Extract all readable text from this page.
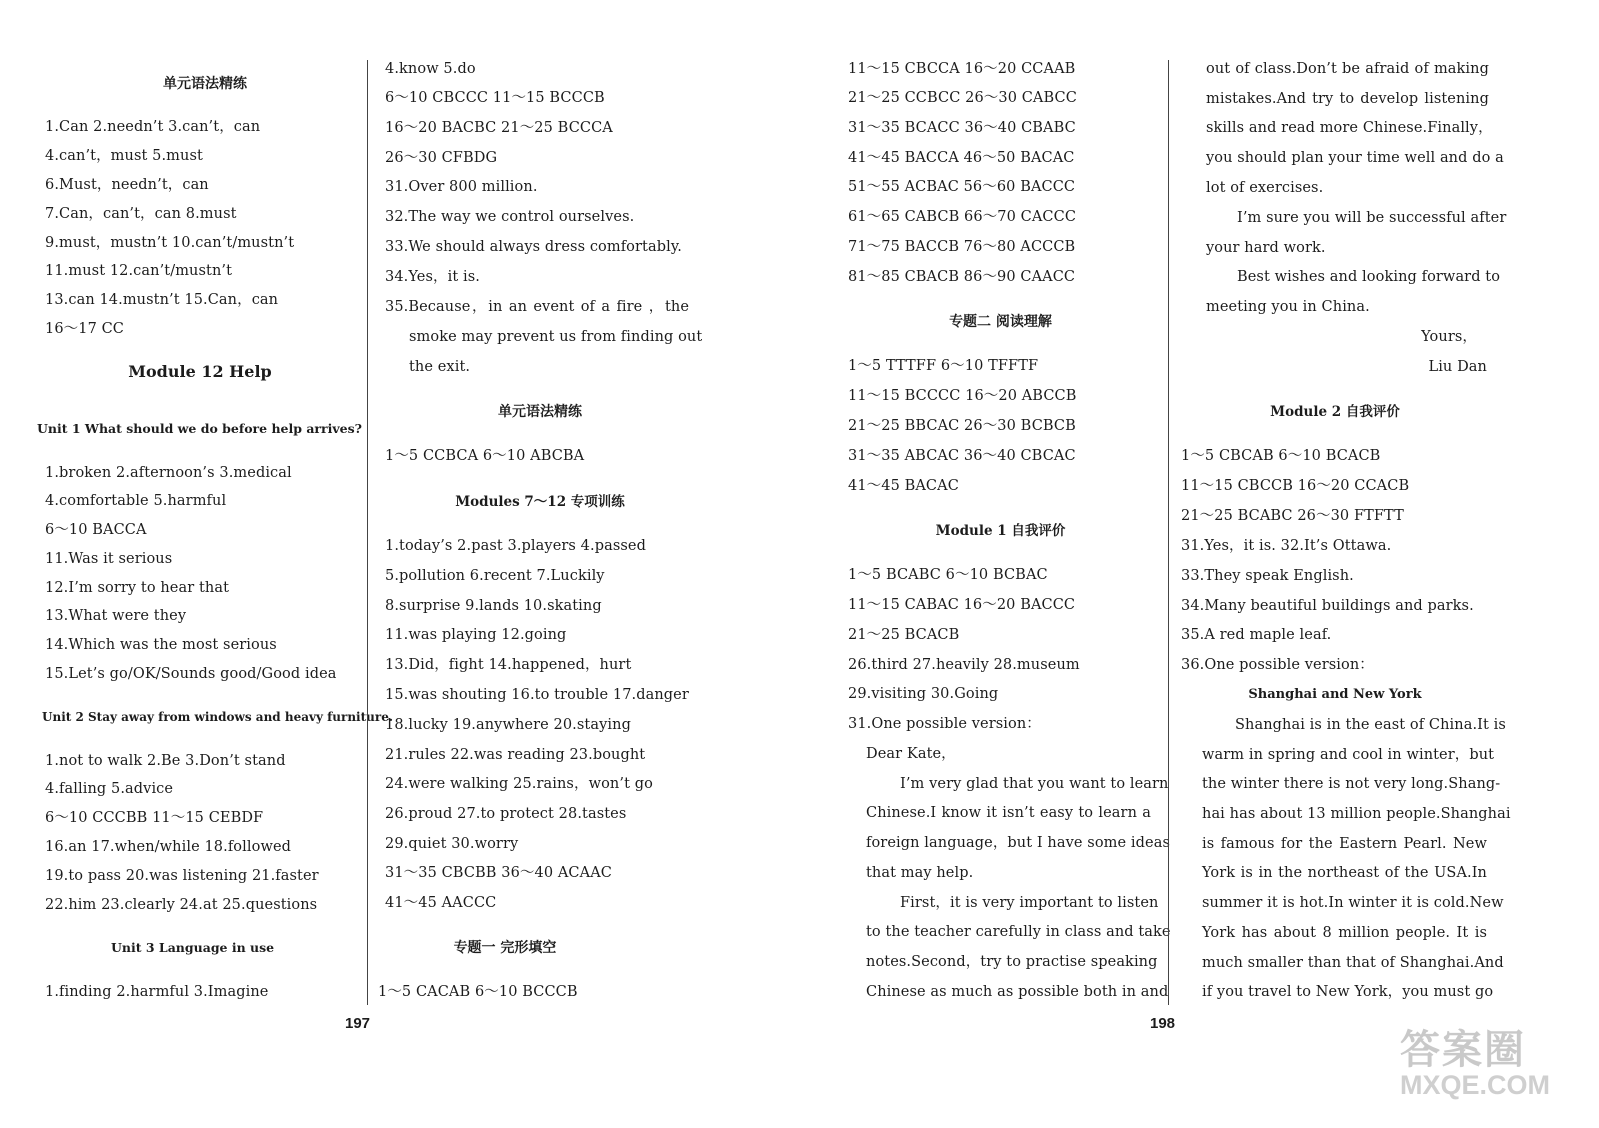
单元语法精练
1.Can 2.needn’t 3.can’t，can
4.can’t，must 5.must
6.Must，needn’t，can
7.Can，can’t，can 8.must
9.must，mustn’t 10.can’t/mustn’t
11.must 12.can’t/mustn’t
13.can 14.mustn’t 15.Can，can
16～17 CC
Module 12 Help
Unit 1 What should we do before help arrives?
1.broken 2.afternoon’s 3.medical
4.comfortable 5.harmful
6～10 BACCA
11.Was it serious
12.I’m sorry to hear that
13.What were they
14.Which was the most serious
15.Let’s go/OK/Sounds good/Good idea
Unit 2 Stay away from windows and heavy furniture.
1.not to walk 2.Be 3.Don’t stand
4.falling 5.advice
6～10 CCCBB 11～15 CEBDF
16.an 17.when/while 18.followed
19.to pass 20.was listening 21.faster
22.him 23.clearly 24.at 25.questions
Unit 3 Language in use
1.finding 2.harmful 3.Imagine
4.know 5.do
6～10 CBCCC 11～15 BCCCB
16～20 BACBC 21～25 BCCCA
26～30 CFBDG
31.Over 800 million.
32.The way we control ourselves.
33.We should always dress comfortably.
34.Yes，it is.
35.Because，in an event of a fire ，the
smoke may prevent us from finding out
the exit.
单元语法精练
1～5 CCBCA 6～10 ABCBA
Modules 7～12 专项训练
1.today’s 2.past 3.players 4.passed
5.pollution 6.recent 7.Luckily
8.surprise 9.lands 10.skating
11.was playing 12.going
13.Did，fight 14.happened，hurt
15.was shouting 16.to trouble 17.danger
18.lucky 19.anywhere 20.staying
21.rules 22.was reading 23.bought
24.were walking 25.rains，won’t go
26.proud 27.to protect 28.tastes
29.quiet 30.worry
31～35 CBCBB 36～40 ACAAC
41～45 AACCC
专题一 完形填空
1～5 CACAB 6～10 BCCCB
197
11～15 CBCCA 16～20 CCAAB
21～25 CCBCC 26～30 CABCC
31～35 BCACC 36～40 CBABC
41～45 BACCA 46～50 BACAC
51～55 ACBAC 56～60 BACCC
61～65 CABCB 66～70 CACCC
71～75 BACCB 76～80 ACCCB
81～85 CBACB 86～90 CAACC
专题二 阅读理解
1～5 TTTFF 6～10 TFFTF
11～15 BCCCC 16～20 ABCCB
21～25 BBCAC 26～30 BCBCB
31～35 ABCAC 36～40 CBCAC
41～45 BACAC
Module 1 自我评价
1～5 BCABC 6～10 BCBAC
11～15 CABAC 16～20 BACCC
21～25 BCACB
26.third 27.heavily 28.museum
29.visiting 30.Going
31.One possible version：
Dear Kate，
I’m very glad that you want to learn
Chinese.I know it isn’t easy to learn a
foreign language，but I have some ideas
that may help.
First，it is very important to listen
to the teacher carefully in class and take
notes.Second，try to practise speaking
Chinese as much as possible both in and
out of class.Don’t be afraid of making
mistakes.And try to develop listening
skills and read more Chinese.Finally，
you should plan your time well and do a
lot of exercises.
I’m sure you will be successful after
your hard work.
Best wishes and looking forward to
meeting you in China.
Yours，
Liu Dan
Module 2 自我评价
1～5 CBCAB 6～10 BCACB
11～15 CBCCB 16～20 CCACB
21～25 BCABC 26～30 FTFTT
31.Yes，it is. 32.It’s Ottawa.
33.They speak English.
34.Many beautiful buildings and parks.
35.A red maple leaf.
36.One possible version：
Shanghai and New York
Shanghai is in the east of China.It is
warm in spring and cool in winter，but
the winter there is not very long.Shang-
hai has about 13 million people.Shanghai
is famous for the Eastern Pearl. New
York is in the northeast of the USA.In
summer it is hot.In winter it is cold.New
York has about 8 million people. It is
much smaller than that of Shanghai.And
if you travel to New York，you must go
198
答案圈
MXQE.COM
